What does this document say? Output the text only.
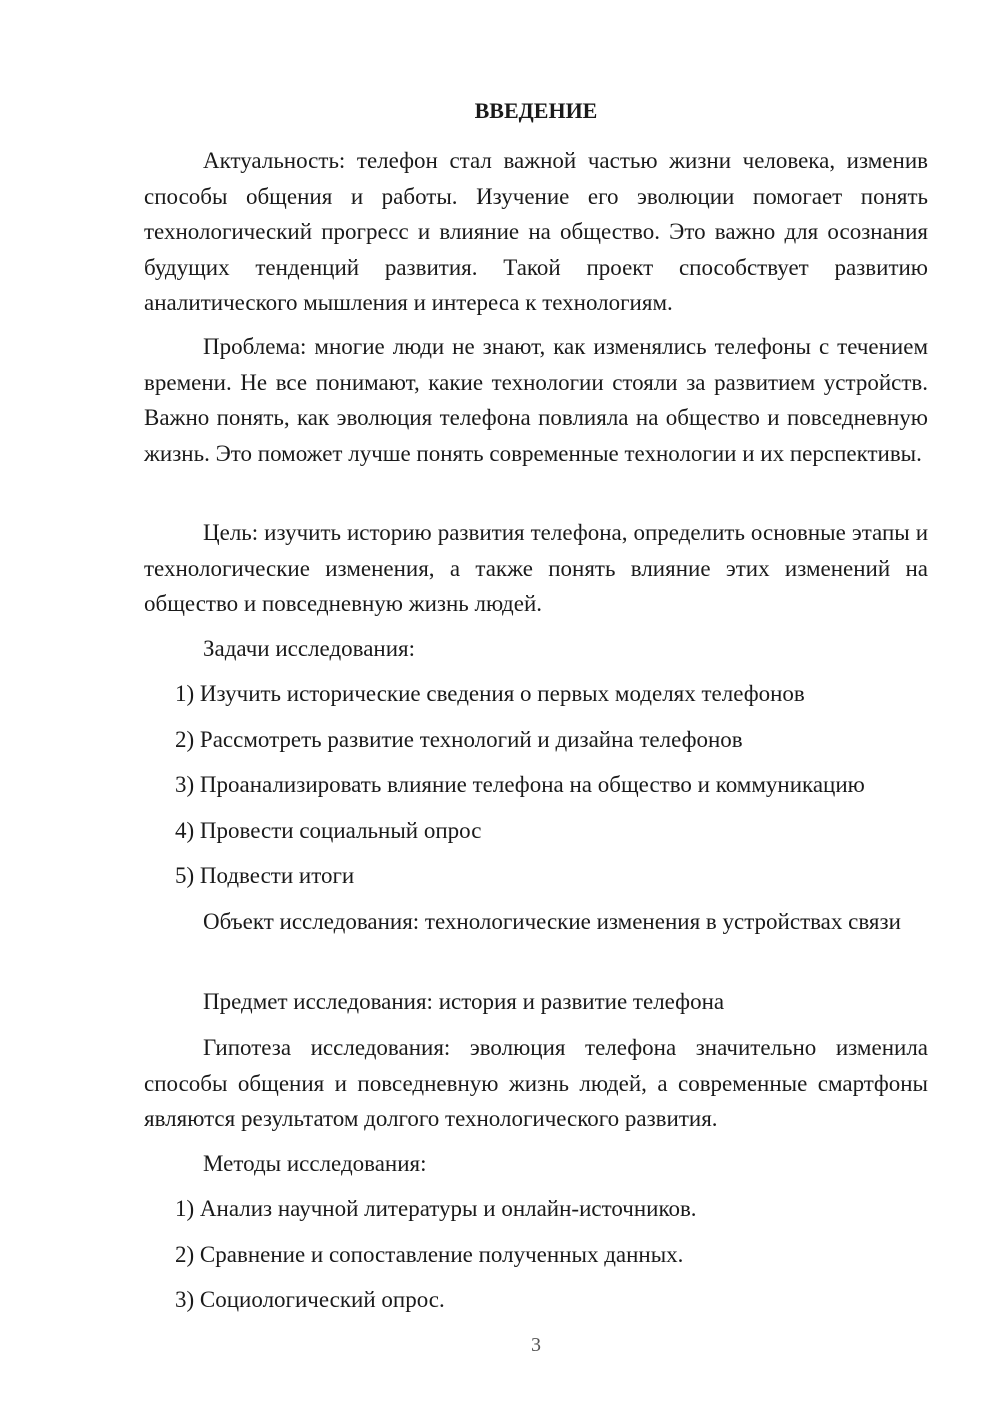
ВВЕДЕНИЕ

Актуальность: телефон стал важной частью жизни человека, изменив способы общения и работы. Изучение его эволюции помогает понять технологический прогресс и влияние на общество. Это важно для осознания будущих тенденций развития. Такой проект способствует развитию аналитического мышления и интереса к технологиям.

Проблема: многие люди не знают, как изменялись телефоны с течением времени. Не все понимают, какие технологии стояли за развитием устройств. Важно понять, как эволюция телефона повлияла на общество и повседневную жизнь. Это поможет лучше понять современные технологии и их перспективы.

Цель: изучить историю развития телефона, определить основные этапы и технологические изменения, а также понять влияние этих изменений на общество и повседневную жизнь людей.

Задачи исследования:

1) Изучить исторические сведения о первых моделях телефонов

2) Рассмотреть развитие технологий и дизайна телефонов

3) Проанализировать влияние телефона на общество и коммуникацию

4) Провести социальный опрос

5) Подвести итоги

Объект исследования: технологические изменения в устройствах связи

Предмет исследования: история и развитие телефона

Гипотеза исследования: эволюция телефона значительно изменила способы общения и повседневную жизнь людей, а современные смартфоны являются результатом долгого технологического развития.

Методы исследования:

1) Анализ научной литературы и онлайн-источников.

2) Сравнение и сопоставление полученных данных.

3) Социологический опрос.

3
